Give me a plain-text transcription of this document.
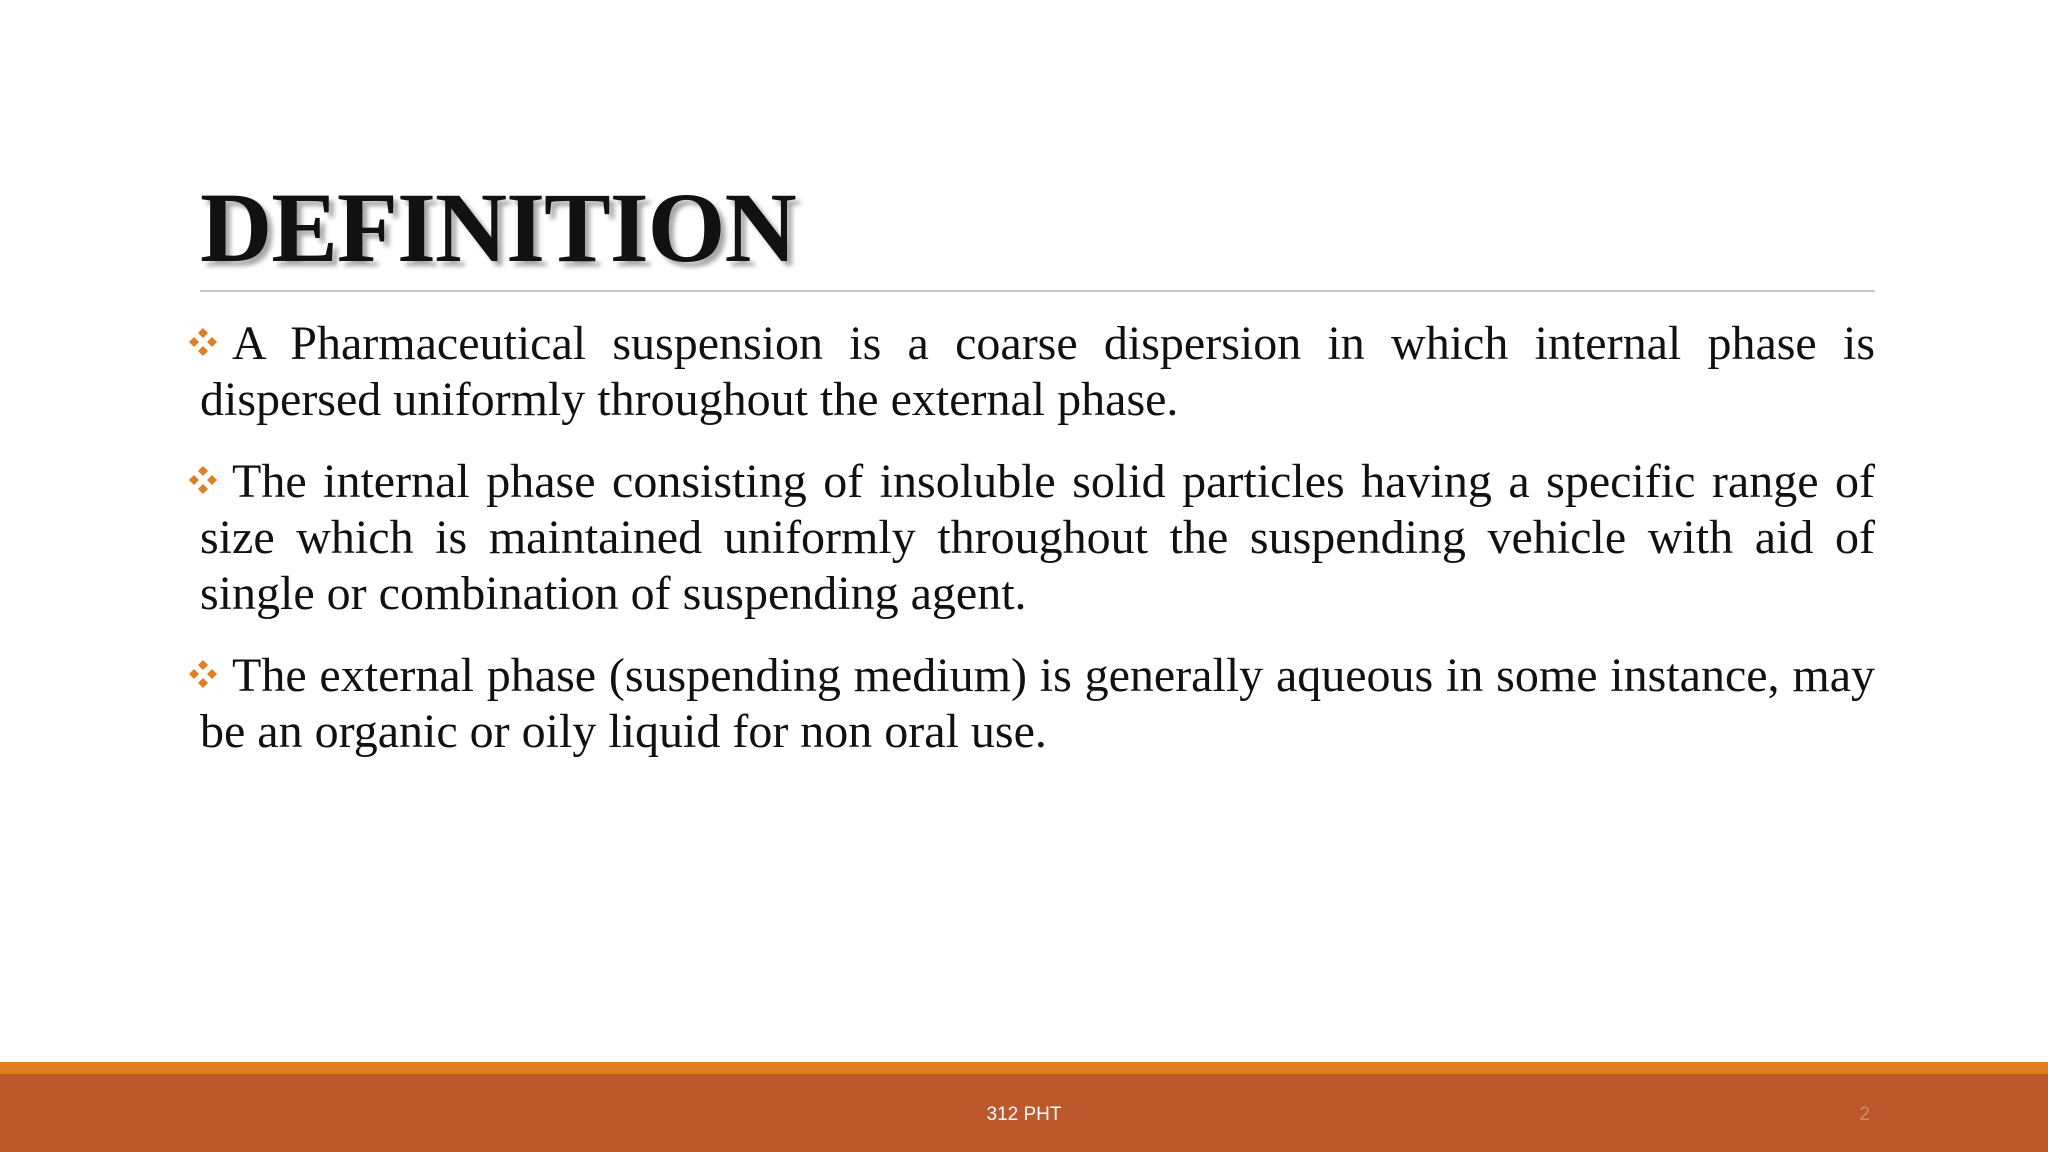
DEFINITION

A Pharmaceutical suspension is a coarse dispersion in which internal phase is dispersed uniformly throughout the external phase.

The internal phase consisting of insoluble solid particles having a specific range of size which is maintained uniformly throughout the suspending vehicle with aid of single or combination of suspending agent.

The external phase (suspending medium) is generally aqueous in some instance, may be an organic or oily liquid for non oral use.

312 PHT	2
